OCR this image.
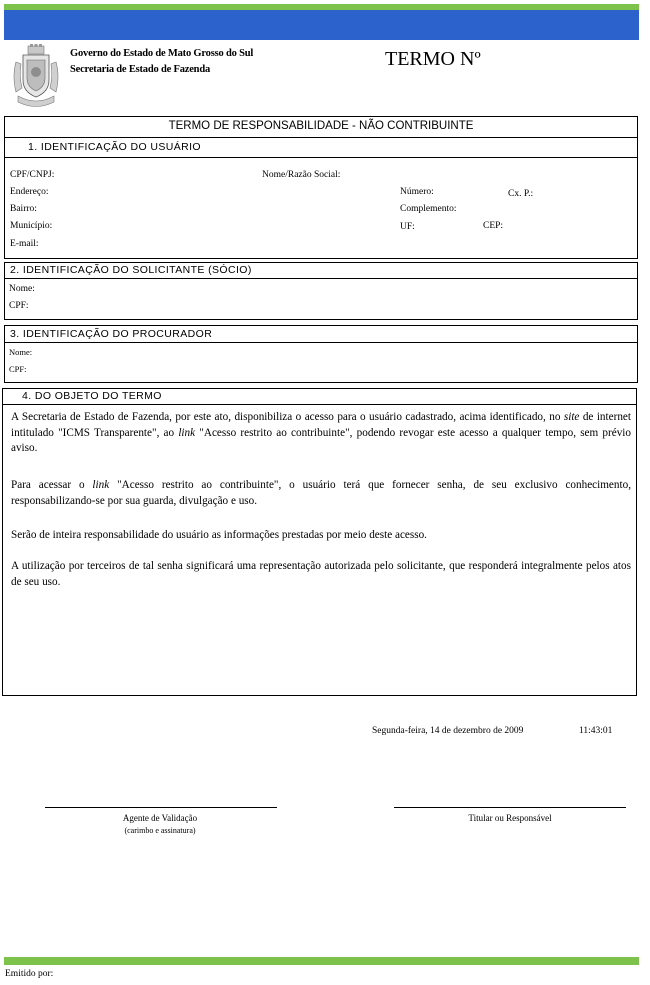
Governo do Estado de Mato Grosso do Sul
Secretaria de Estado de Fazenda	TERMO Nº
TERMO DE RESPONSABILIDADE - NÃO CONTRIBUINTE
1. IDENTIFICAÇÃO DO USUÁRIO
CPF/CNPJ:	Nome/Razão Social:
Endereço:	Número:	Cx. P.:
Bairro:	Complemento:
Município:	UF:	CEP:
E-mail:
2. IDENTIFICAÇÃO DO SOLICITANTE (SÓCIO)
Nome:
CPF:
3. IDENTIFICAÇÃO DO PROCURADOR
Nome:
CPF:
4. DO OBJETO DO TERMO
A Secretaria de Estado de Fazenda, por este ato, disponibiliza o acesso para o usuário cadastrado, acima identificado, no site de internet intitulado "ICMS Transparente", ao link "Acesso restrito ao contribuinte", podendo revogar este acesso a qualquer tempo, sem prévio aviso.
Para acessar o link "Acesso restrito ao contribuinte", o usuário terá que fornecer senha, de seu exclusivo conhecimento, responsabilizando-se por sua guarda, divulgação e uso.
Serão de inteira responsabilidade do usuário as informações prestadas por meio deste acesso.
A utilização por terceiros de tal senha significará uma representação autorizada pelo solicitante, que responderá integralmente pelos atos de seu uso.
Segunda-feira, 14 de dezembro de 2009	11:43:01
Agente de Validação
(carimbo e assinatura)
Titular ou Responsável
Emitido por:
